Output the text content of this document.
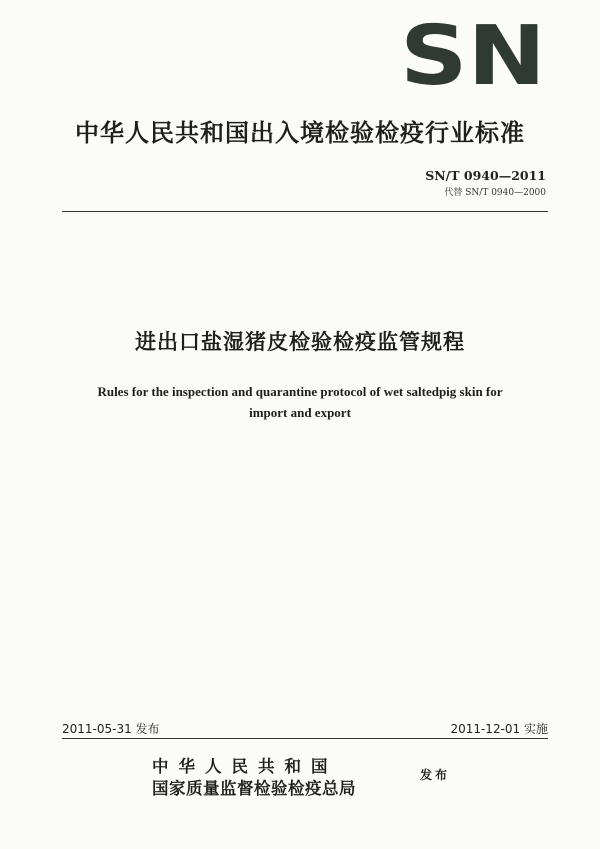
SN
中华人民共和国出入境检验检疫行业标准
SN/T 0940—2011
代替 SN/T 0940—2000
进出口盐湿猪皮检验检疫监管规程
Rules for the inspection and quarantine protocol of wet saltedpig skin for
import and export
2011-05-31 发布	2011-12-01 实施
中华人民共和国
国家质量监督检验检疫总局
发布
